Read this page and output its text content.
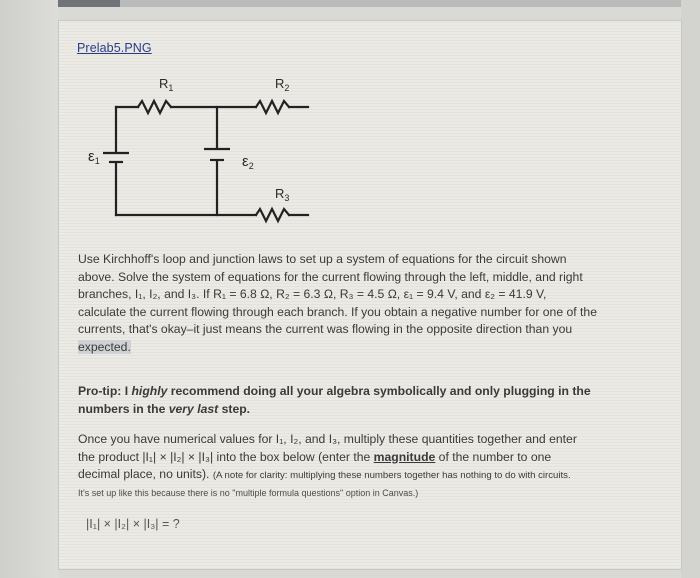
Prelab5.PNG
$R_1$	$R_2$
$R_3$
$\varepsilon_1$	$\varepsilon_2$
Use Kirchhoff's loop and junction laws to set up a system of equations for the circuit shown
above. Solve the system of equations for the current flowing through the left, middle, and right
branches, I₁, I₂, and I₃. If R₁ = 6.8 Ω, R₂ = 6.3 Ω, R₃ = 4.5 Ω, ε₁ = 9.4 V, and ε₂ = 41.9 V,
calculate the current flowing through each branch. If you obtain a negative number for one of the
currents, that's okay–it just means the current was flowing in the opposite direction than you
expected.
Pro-tip: I highly recommend doing all your algebra symbolically and only plugging in the
numbers in the very last step.
Once you have numerical values for I₁, I₂, and I₃, multiply these quantities together and enter
the product |I₁| × |I₂| × |I₃| into the box below (enter the magnitude of the number to one
decimal place, no units). (A note for clarity: multiplying these numbers together has nothing to do with circuits.
It's set up like this because there is no "multiple formula questions" option in Canvas.)
|I₁| × |I₂| × |I₃| = ?
